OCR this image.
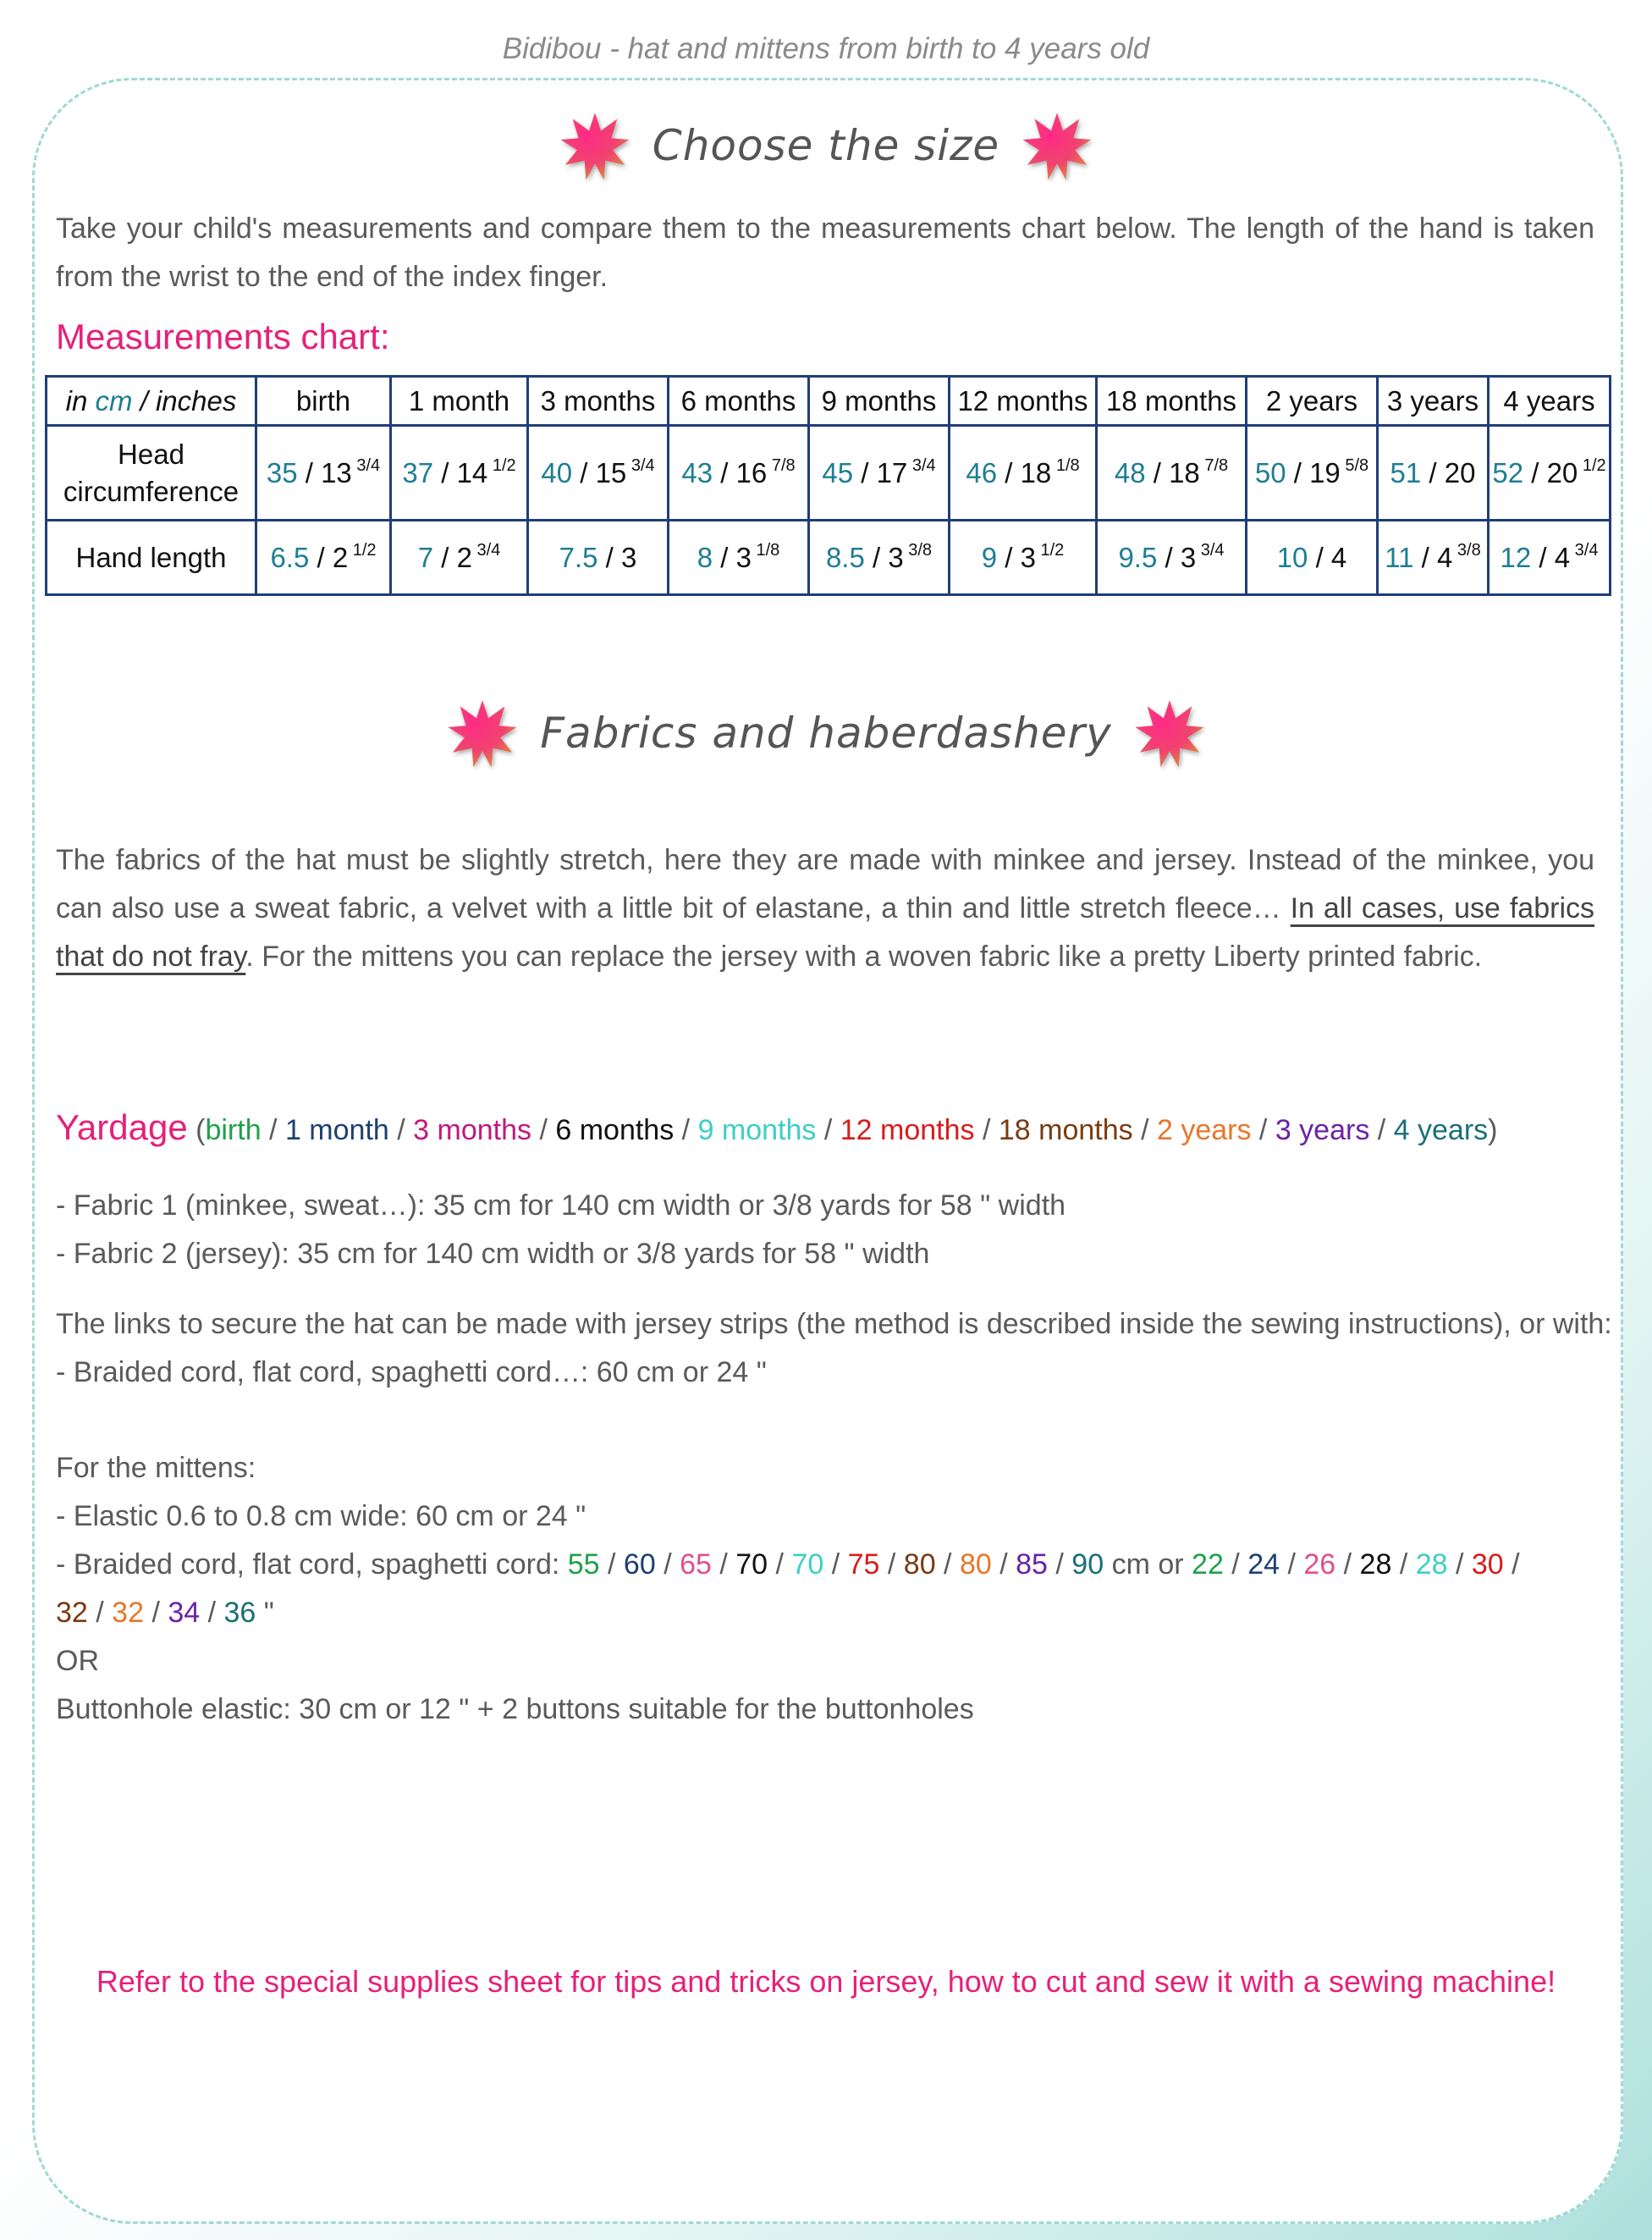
Bidibou - hat and mittens from birth to 4 years old
Choose the size
Take your child's measurements and compare them to the measurements chart below. The length of the hand is taken from the wrist to the end of the index finger.
Measurements chart:
in cm / inches	birth	1 month	3 months	6 months	9 months	12 months	18 months	2 years	3 years	4 years

Head
circumference	35 / 13 $^{3/4}$	37 / 14 $^{1/2}$	40 / 15 $^{3/4}$	43 / 16 $^{7/8}$	45 / 17 $^{3/4}$	46 / 18 $^{1/8}$	48 / 18 $^{7/8}$	50 / 19 $^{5/8}$	51 / 20	52 / 20 $^{1/2}$
Hand length	6.5 / 2 $^{1/2}$	7 / 2 $^{3/4}$	7.5 / 3	8 / 3 $^{1/8}$	8.5 / 3 $^{3/8}$	9 / 3 $^{1/2}$	9.5 / 3 $^{3/4}$	10 / 4	11 / 4 $^{3/8}$	12 / 4 $^{3/4}$
Fabrics and haberdashery
The fabrics of the hat must be slightly stretch, here they are made with minkee and jersey. Instead of the minkee, you can also use a sweat fabric, a velvet with a little bit of elastane, a thin and little stretch fleece… In all cases, use fabrics that do not fray. For the mittens you can replace the jersey with a woven fabric like a pretty Liberty printed fabric.
Yardage (birth / 1 month / 3 months / 6 months / 9 months / 12 months / 18 months / 2 years / 3 years / 4 years)
- Fabric 1 (minkee, sweat…): 35 cm for 140 cm width or 3/8 yards for 58 " width
- Fabric 2 (jersey): 35 cm for 140 cm width or 3/8 yards for 58 " width
The links to secure the hat can be made with jersey strips (the method is described inside the sewing instructions), or with:
- Braided cord, flat cord, spaghetti cord…: 60 cm or 24 "
For the mittens:
- Elastic 0.6 to 0.8 cm wide: 60 cm or 24 "
- Braided cord, flat cord, spaghetti cord: 55 / 60 / 65 / 70 / 70 / 75 / 80 / 80 / 85 / 90 cm or 22 / 24 / 26 / 28 / 28 / 30 /
32 / 32 / 34 / 36 "
OR
Buttonhole elastic: 30 cm or 12 " + 2 buttons suitable for the buttonholes
Refer to the special supplies sheet for tips and tricks on jersey, how to cut and sew it with a sewing machine!
